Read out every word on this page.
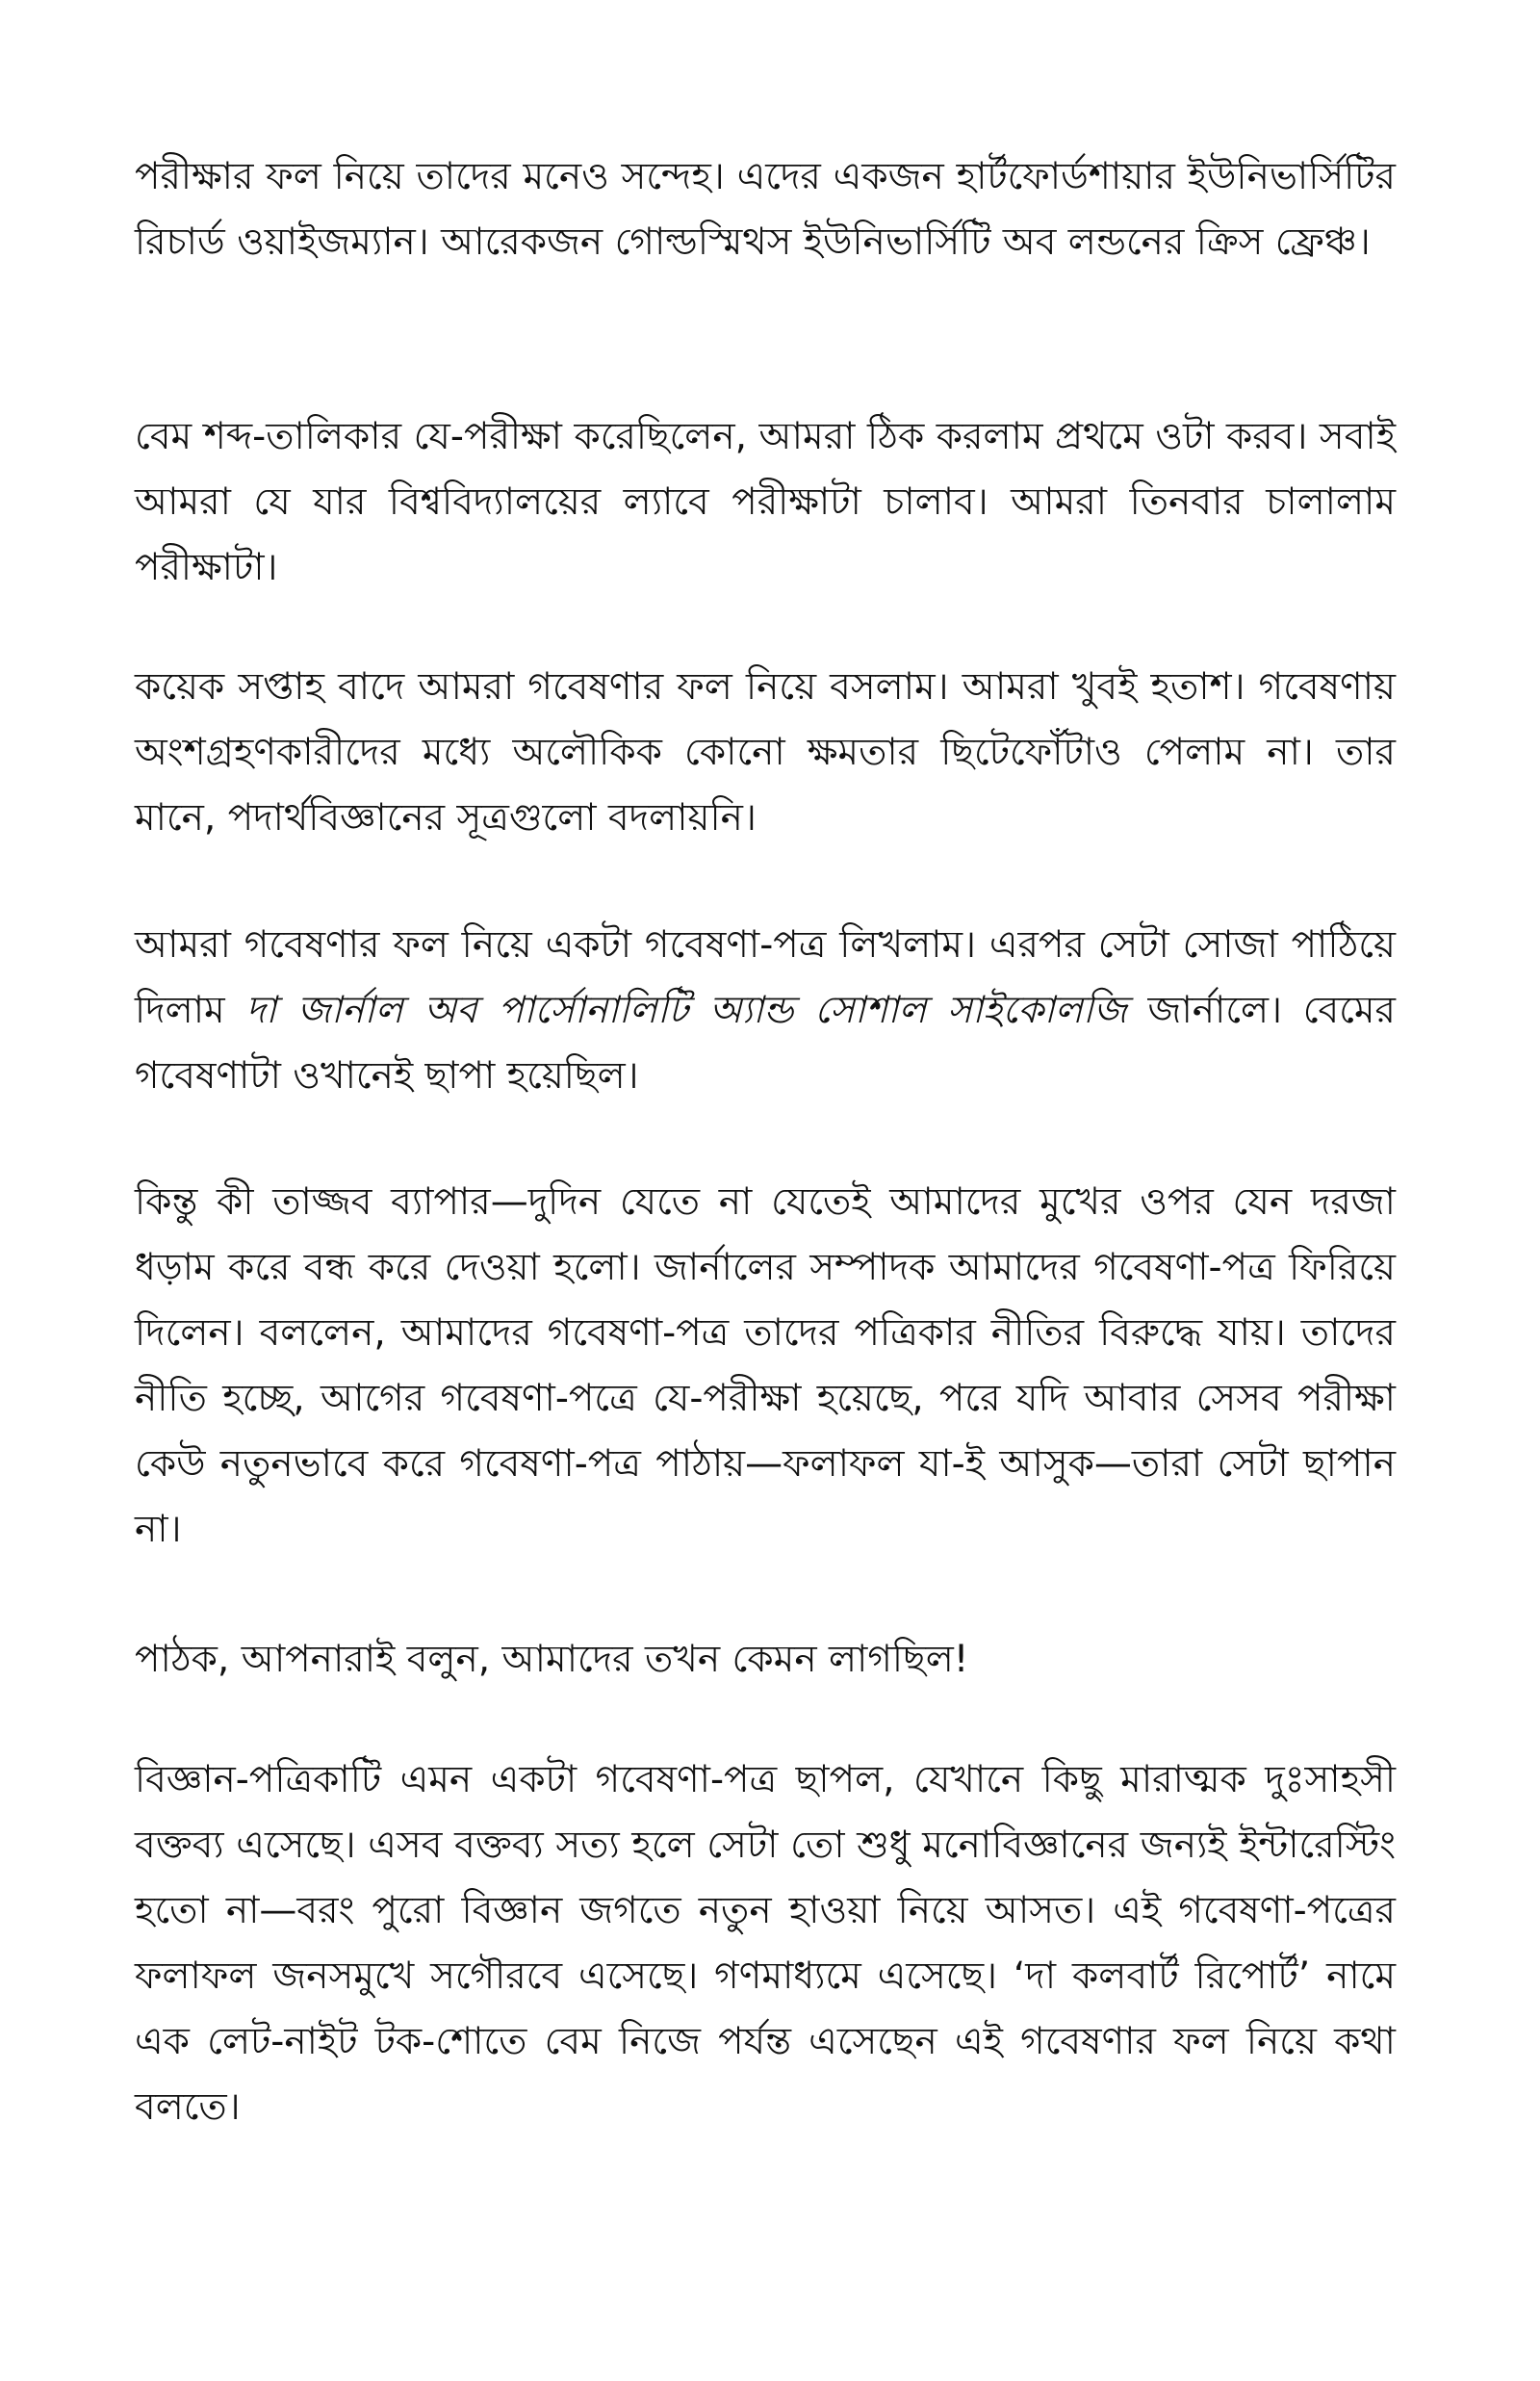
পরীক্ষার ফল নিয়ে তাদের মনেও সন্দেহ। এদের একজন হার্টফোর্ডশায়ার ইউনিভার্সিটির রিচার্ড ওয়াইজম্যান। আরেকজন গোল্ডস্মিথস ইউনিভার্সিটি অব লন্ডনের ক্রিস ফ্রেঞ্চ।

বেম শব্দ-তালিকার যে-পরীক্ষা করেছিলেন, আমরা ঠিক করলাম প্রথমে ওটা করব। সবাই আমরা যে যার বিশ্ববিদ্যালয়ের ল্যাবে পরীক্ষাটা চালাব। আমরা তিনবার চালালাম পরীক্ষাটা।

কয়েক সপ্তাহ বাদে আমরা গবেষণার ফল নিয়ে বসলাম। আমরা খুবই হতাশ। গবেষণায় অংশগ্রহণকারীদের মধ্যে অলৌকিক কোনো ক্ষমতার ছিটেফোঁটাও পেলাম না। তার মানে, পদার্থবিজ্ঞানের সূত্রগুলো বদলায়নি।

আমরা গবেষণার ফল নিয়ে একটা গবেষণা-পত্র লিখলাম। এরপর সেটা সোজা পাঠিয়ে দিলাম দা জার্নাল অব পার্সোনালিটি অ্যান্ড সোশাল সাইকোলজি জার্নালে। বেমের গবেষণাটা ওখানেই ছাপা হয়েছিল।

কিন্তু কী তাজ্জব ব্যাপার—দুদিন যেতে না যেতেই আমাদের মুখের ওপর যেন দরজা ধড়াম করে বন্ধ করে দেওয়া হলো। জার্নালের সম্পাদক আমাদের গবেষণা-পত্র ফিরিয়ে দিলেন। বললেন, আমাদের গবেষণা-পত্র তাদের পত্রিকার নীতির বিরুদ্ধে যায়। তাদের নীতি হচ্ছে, আগের গবেষণা-পত্রে যে-পরীক্ষা হয়েছে, পরে যদি আবার সেসব পরীক্ষা কেউ নতুনভাবে করে গবেষণা-পত্র পাঠায়—ফলাফল যা-ই আসুক—তারা সেটা ছাপান না।

পাঠক, আপনারাই বলুন, আমাদের তখন কেমন লাগছিল!

বিজ্ঞান-পত্রিকাটি এমন একটা গবেষণা-পত্র ছাপল, যেখানে কিছু মারাত্মক দুঃসাহসী বক্তব্য এসেছে। এসব বক্তব্য সত্য হলে সেটা তো শুধু মনোবিজ্ঞানের জন্যই ইন্টারেস্টিং হতো না—বরং পুরো বিজ্ঞান জগতে নতুন হাওয়া নিয়ে আসত। এই গবেষণা-পত্রের ফলাফল জনসমুখে সগৌরবে এসেছে। গণমাধ্যমে এসেছে। ‘দা কলবার্ট রিপোর্ট’ নামে এক লেট-নাইট টক-শোতে বেম নিজে পর্যন্ত এসেছেন এই গবেষণার ফল নিয়ে কথা বলতে।
